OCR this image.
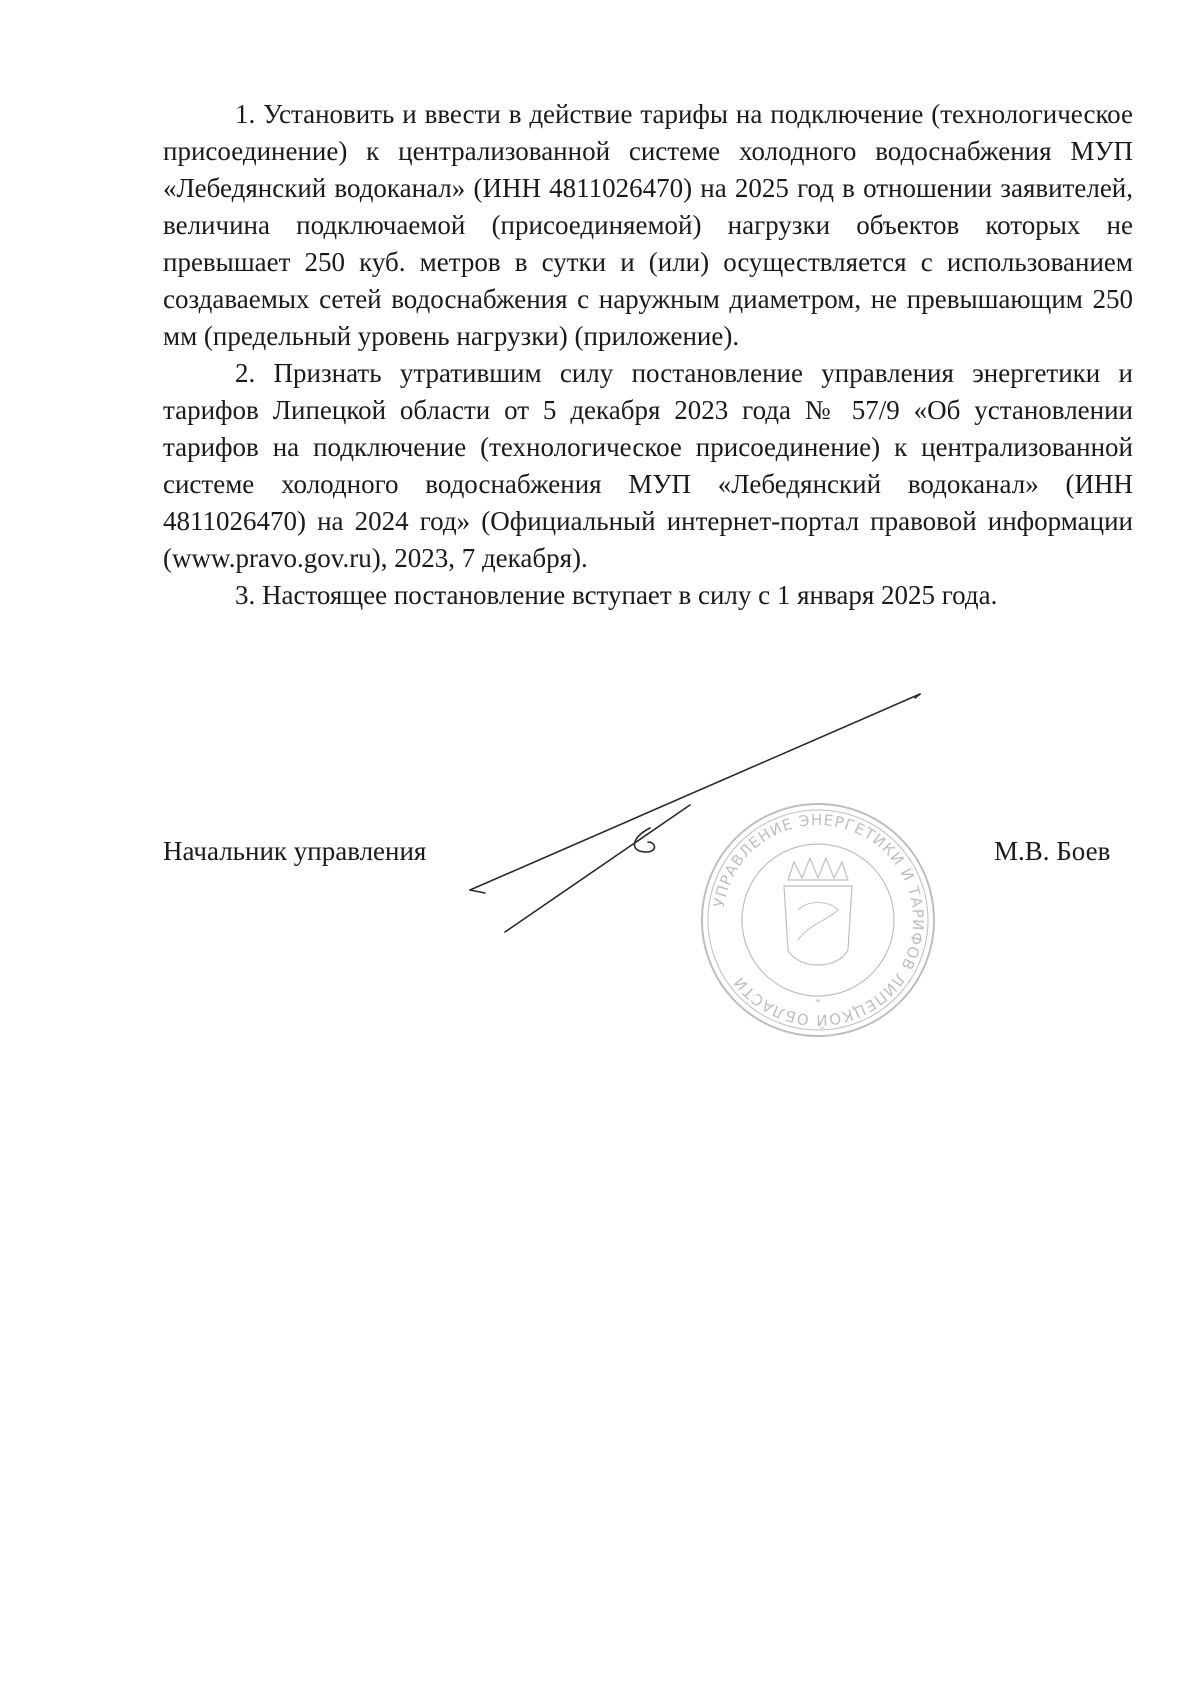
1. Установить и ввести в действие тарифы на подключение (технологическое присоединение) к централизованной системе холодного водоснабжения МУП «Лебедянский водоканал» (ИНН 4811026470) на 2025 год в отношении заявителей, величина подключаемой (присоединяемой) нагрузки объектов которых не превышает 250 куб. метров в сутки и (или) осуществляется с использованием создаваемых сетей водоснабжения с наружным диаметром, не превышающим 250 мм (предельный уровень нагрузки) (приложение).

2. Признать утратившим силу постановление управления энергетики и тарифов Липецкой области от 5 декабря 2023 года № 57/9 «Об установлении тарифов на подключение (технологическое присоединение) к централизованной системе холодного водоснабжения МУП «Лебедянский водоканал» (ИНН 4811026470) на 2024 год» (Официальный интернет-портал правовой информации (www.pravo.gov.ru), 2023, 7 декабря).

3. Настоящее постановление вступает в силу с 1 января 2025 года.

Начальник управления	М.В. Боев
УПРАВЛЕНИЕ ЭНЕРГЕТИКИ И ТАРИФОВ ЛИПЕЦКОЙ ОБЛАСТИ
*
